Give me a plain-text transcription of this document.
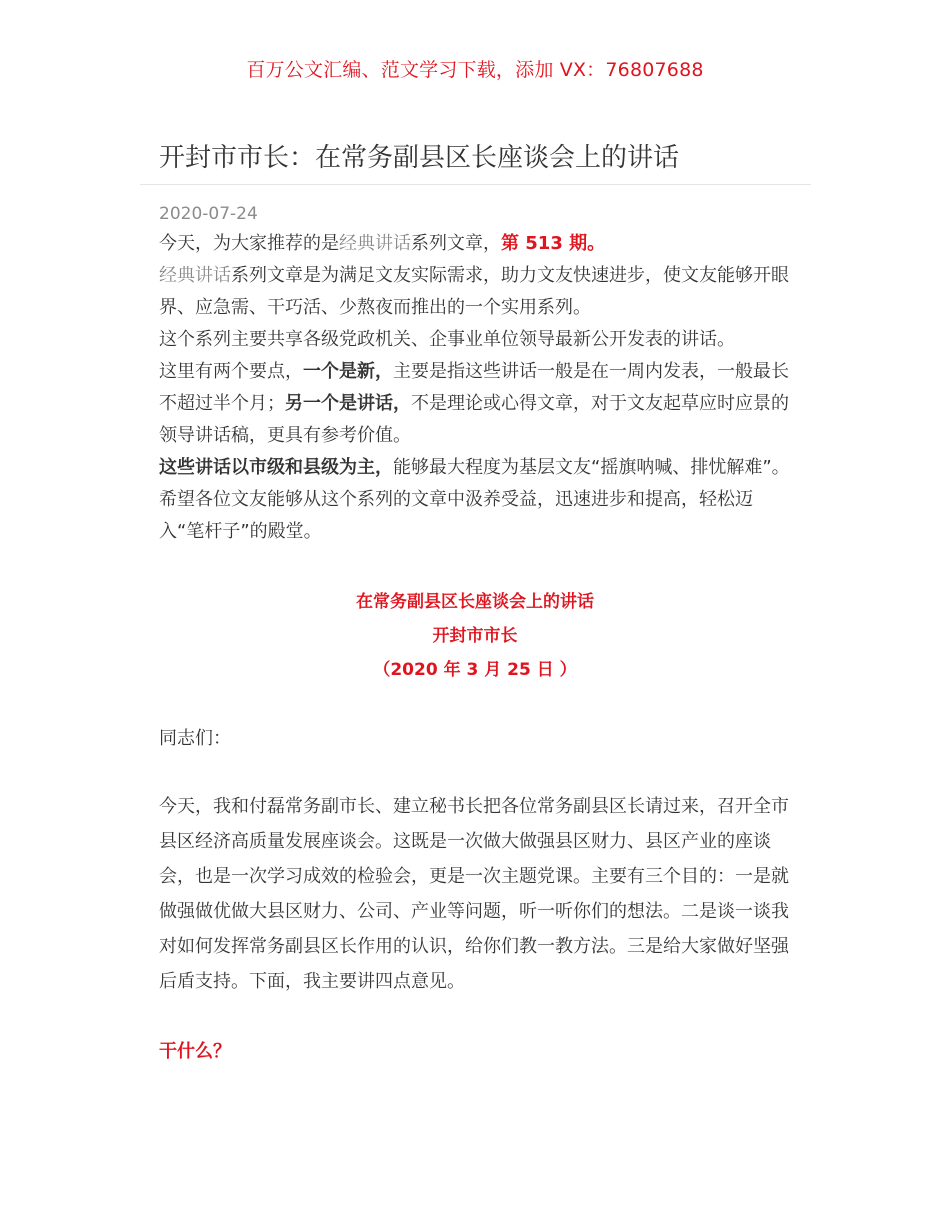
百万公文汇编、范文学习下载，添加 VX：76807688
开封市市长：在常务副县区长座谈会上的讲话
2020-07-24

今天，为大家推荐的是经典讲话系列文章，第 513 期。

经典讲话系列文章是为满足文友实际需求，助力文友快速进步，使文友能够开眼界、应急需、干巧活、少熬夜而推出的一个实用系列。

这个系列主要共享各级党政机关、企事业单位领导最新公开发表的讲话。

这里有两个要点，一个是新，主要是指这些讲话一般是在一周内发表，一般最长不超过半个月；另一个是讲话，不是理论或心得文章，对于文友起草应时应景的领导讲话稿，更具有参考价值。

这些讲话以市级和县级为主，能够最大程度为基层文友“摇旗呐喊、排忧解难”。希望各位文友能够从这个系列的文章中汲养受益，迅速进步和提高，轻松迈入“笔杆子”的殿堂。

在常务副县区长座谈会上的讲话
开封市市长
（2020 年 3 月 25 日 ）
同志们：

今天，我和付磊常务副市长、建立秘书长把各位常务副县区长请过来，召开全市县区经济高质量发展座谈会。这既是一次做大做强县区财力、县区产业的座谈会，也是一次学习成效的检验会，更是一次主题党课。主要有三个目的：一是就做强做优做大县区财力、公司、产业等问题，听一听你们的想法。二是谈一谈我对如何发挥常务副县区长作用的认识，给你们教一教方法。三是给大家做好坚强后盾支持。下面，我主要讲四点意见。

干什么？
